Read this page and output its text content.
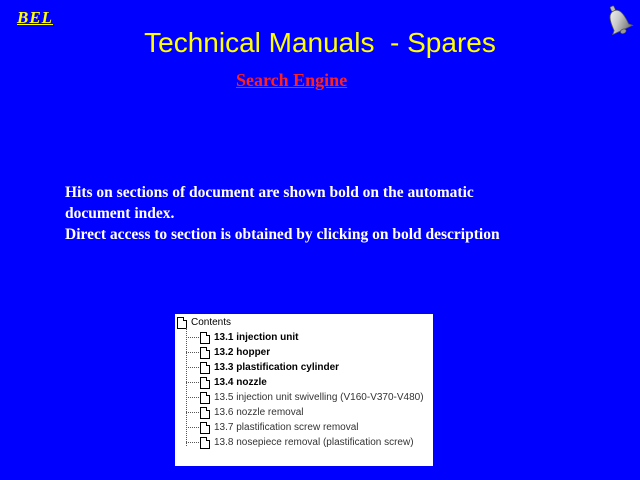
BEL
Technical Manuals  - Spares
Search Engine
Hits on sections of document are shown bold on the automatic
document index.
Direct access to section is obtained by clicking on bold description
Contents
13.1 injection unit
13.2 hopper
13.3 plastification cylinder
13.4 nozzle
13.5 injection unit swivelling (V160-V370-V480)
13.6 nozzle removal
13.7 plastification screw removal
13.8 nosepiece removal (plastification screw)
